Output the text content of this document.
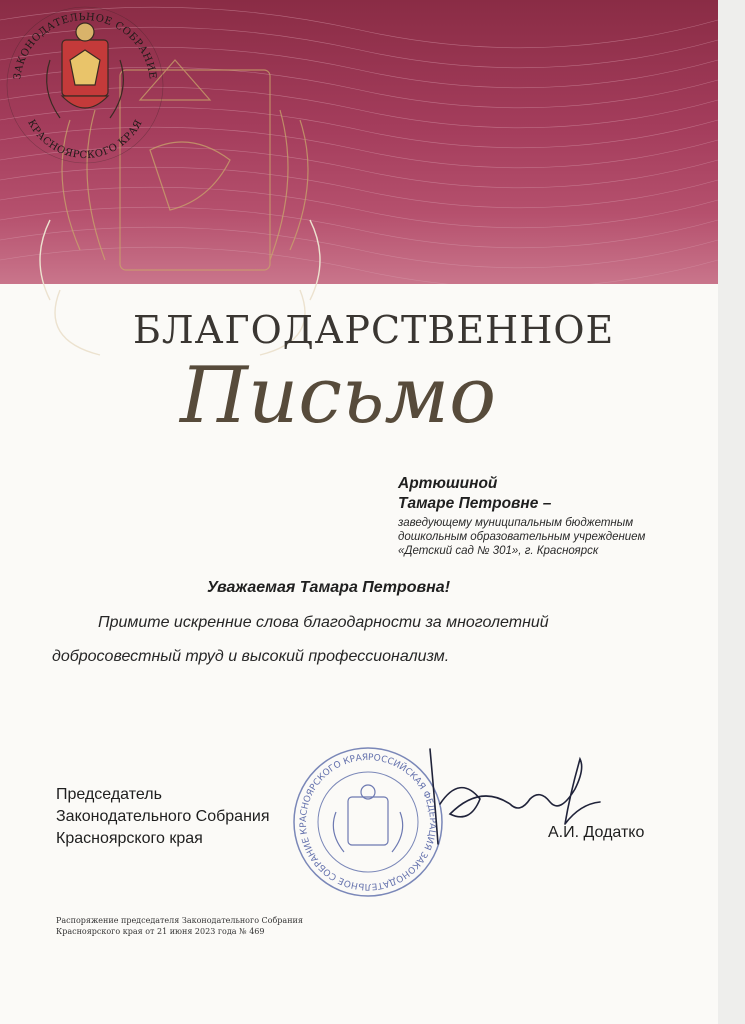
ЗАКОНОДАТЕЛЬНОЕ СОБРАНИЕ
КРАСНОЯРСКОГО КРАЯ
БЛАГОДАРСТВЕННОЕ
Письмо
Артюшиной
Тамаре Петровне –
заведующему муниципальным бюджетным
дошкольным образовательным учреждением
«Детский сад № 301», г. Красноярск
Уважаемая Тамара Петровна!
Примите искренние слова благодарности за многолетний
добросовестный труд и высокий профессионализм.
РОССИЙСКАЯ ФЕДЕРАЦИЯ ЗАКОНОДАТЕЛЬНОЕ СОБРАНИЕ КРАСНОЯРСКОГО КРАЯ
Председатель
Законодательного Собрания
Красноярского края	А.И. Додатко
Распоряжение председателя Законодательного Собрания
Красноярского края от 21 июня 2023 года № 469
